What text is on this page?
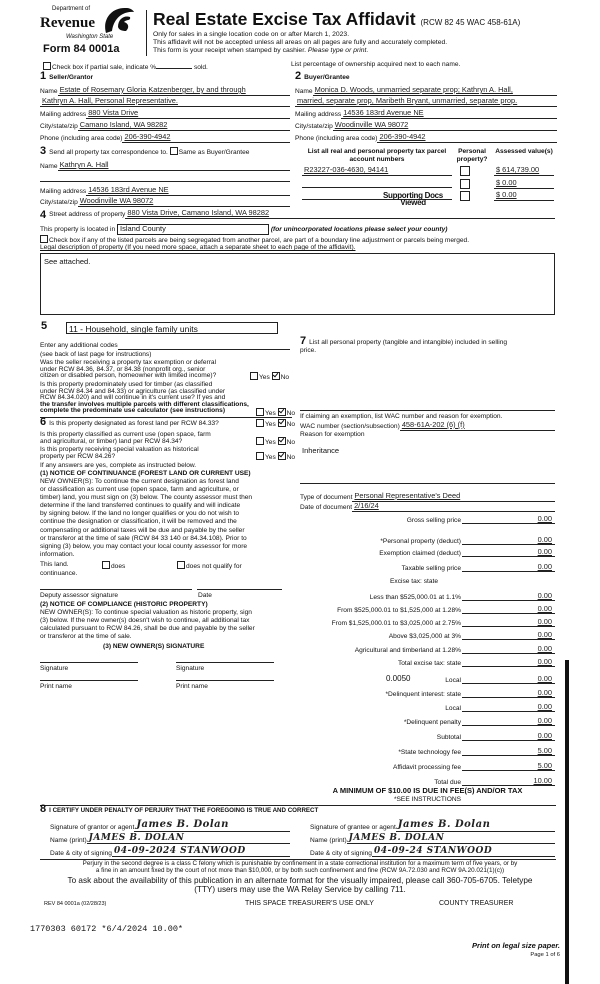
Department of
Revenue
Washington State
Form 84 0001a
Real Estate Excise Tax Affidavit (RCW 82 45 WAC 458-61A)
Only for sales in a single location code on or after March 1, 2023.
This affidavit will not be accepted unless all areas on all pages are fully and accurately completed.
This form is your receipt when stamped by cashier. Please type or print.
Check box if partial sale, indicate %	sold.	List percentage of ownership acquired next to each name.
1 Seller/Grantor
Name Estate of Rosemary Gloria Katzenberger, by and through
Kathryn A. Hall, Personal Representative.
Mailing address 880 Vista Drive
City/state/zip Camano Island, WA 98282
Phone (including area code) 206-390-4942
2 Buyer/Grantee
Name Monica D. Woods, unmarried separate prop; Kathryn A. Hall,
married, separate prop, Maribeth Bryant, unmarried, separate prop.
Mailing address 14536 183rd Avenue NE
City/state/zip Woodinville WA 98072
Phone (including area code) 206-390-4942
3 Send all property tax correspondence to. Same as Buyer/Grantee
Name Kathryn A. Hall
Mailing address 14536 183rd Avenue NE
City/state/zip Woodinville WA 98072
List all real and personal property tax parcel account numbers
Personal property?
Assessed value(s)
R23227-036-4630, 94141	$ 614,739.00
$ 0.00
$ 0.00
Supporting Docs Viewed
4 Street address of property 880 Vista Drive, Camano Island, WA 98282
This property is located in Island County	(for unincorporated locations please select your county)
Check box if any of the listed parcels are being segregated from another parcel, are part of a boundary line adjustment or parcels being merged.
Legal description of property (If you need more space, attach a separate sheet to each page of the affidavit).
See attached.
5	11 - Household, single family units
Enter any additional codes
(see back of last page for instructions)
Was the seller receiving a property tax exemption or deferral
under RCW 84.36, 84.37, or 84.38 (nonprofit org., senior
citizen or disabled person, homeowner with limited income)?	Yes No
Is this property predominately used for timber (as classified
under RCW 84.34 and 84.33) or agriculture (as classified under
RCW 84.34.020) and will continue in it's current use? If yes and
the transfer involves multiple parcels with different classifications,
complete the predominate use calculator (see instructions)	Yes No
6 Is this property designated as forest land per RCW 84.33?	Yes No
Is this property classified as current use (open space, farm
and agricultural, or timber) land per RCW 84.34?	Yes No
Is this property receiving special valuation as historical
property per RCW 84.26?	Yes No
If any answers are yes, complete as instructed below.
(1) NOTICE OF CONTINUANCE (FOREST LAND OR CURRENT USE)
NEW OWNER(S): To continue the current designation as forest land
or classification as current use (open space, farm and agriculture, or
timber) land, you must sign on (3) below. The county assessor must then
determine if the land transferred continues to qualify and will indicate
by signing below. If the land no longer qualifies or you do not wish to
continue the designation or classification, it will be removed and the
compensating or additional taxes will be due and payable by the seller
or transferor at the time of sale (RCW 84 33 140 or 84.34.108). Prior to
signing (3) below, you may contact your local county assessor for more
information.
This land.	does	does not qualify for
continuance.
Deputy assessor signature	Date
(2) NOTICE OF COMPLIANCE (HISTORIC PROPERTY)
NEW OWNER(S): To continue special valuation as historic property, sign
(3) below. If the new owner(s) doesn't wish to continue, all additional tax
calculated pursuant to RCW 84.26, shall be due and payable by the seller
or transferor at the time of sale.
(3) NEW OWNER(S) SIGNATURE
Signature	Signature
Print name	Print name
7 List all personal property (tangible and intangible) included in selling
price.
If claiming an exemption, list WAC number and reason for exemption.
WAC number (section/subsection) 458-61A-202 (6) (f)
Reason for exemption
Inheritance
Type of document Personal Representative's Deed
Date of document 2/16/24
Gross selling price	0.00
*Personal property (deduct)	0.00
Exemption claimed (deduct)	0.00
Taxable selling price	0.00
Less than $525,000.01 at 1.1%	0.00
From $525,000.01 to $1,525,000 at 1.28%	0.00
From $1,525,000.01 to $3,025,000 at 2.75%	0.00
Above $3,025,000 at 3%	0.00
Agricultural and timberland at 1.28%	0.00
Total excise tax: state	0.00
Local	0.00
*Delinquent interest: state	0.00
Local	0.00
*Delinquent penalty	0.00
Subtotal	0.00
*State technology fee	5.00
Affidavit processing fee	5.00
Total due	10.00
Excise tax: state
0.0050
A MINIMUM OF $10.00 IS DUE IN FEE(S) AND/OR TAX
*SEE INSTRUCTIONS
8 I CERTIFY UNDER PENALTY OF PERJURY THAT THE FOREGOING IS TRUE AND CORRECT
Signature of grantor or agent James B. Dolan
Name (print) JAMES B. DOLAN
Date & city of signing 04-09-2024 STANWOOD
Signature of grantee or agent James B. Dolan
Name (print) JAMES B. DOLAN
Date & city of signing 04-09-24 STANWOOD
Perjury in the second degree is a class C felony which is punishable by confinement in a state correctional institution for a maximum term of five years, or by
a fine in an amount fixed by the court of not more than $10,000, or by both such confinement and fine (RCW 9A.72.030 and RCW 9A.20.021(1)(c))
To ask about the availability of this publication in an alternate format for the visually impaired, please call 360-705-6705. Teletype
(TTY) users may use the WA Relay Service by calling 711.
REV 84 0001a (02/28/23)	THIS SPACE TREASURER'S USE ONLY	COUNTY TREASURER
1770303 60172 *6/4/2024 10.00*
Print on legal size paper.
Page 1 of 6
